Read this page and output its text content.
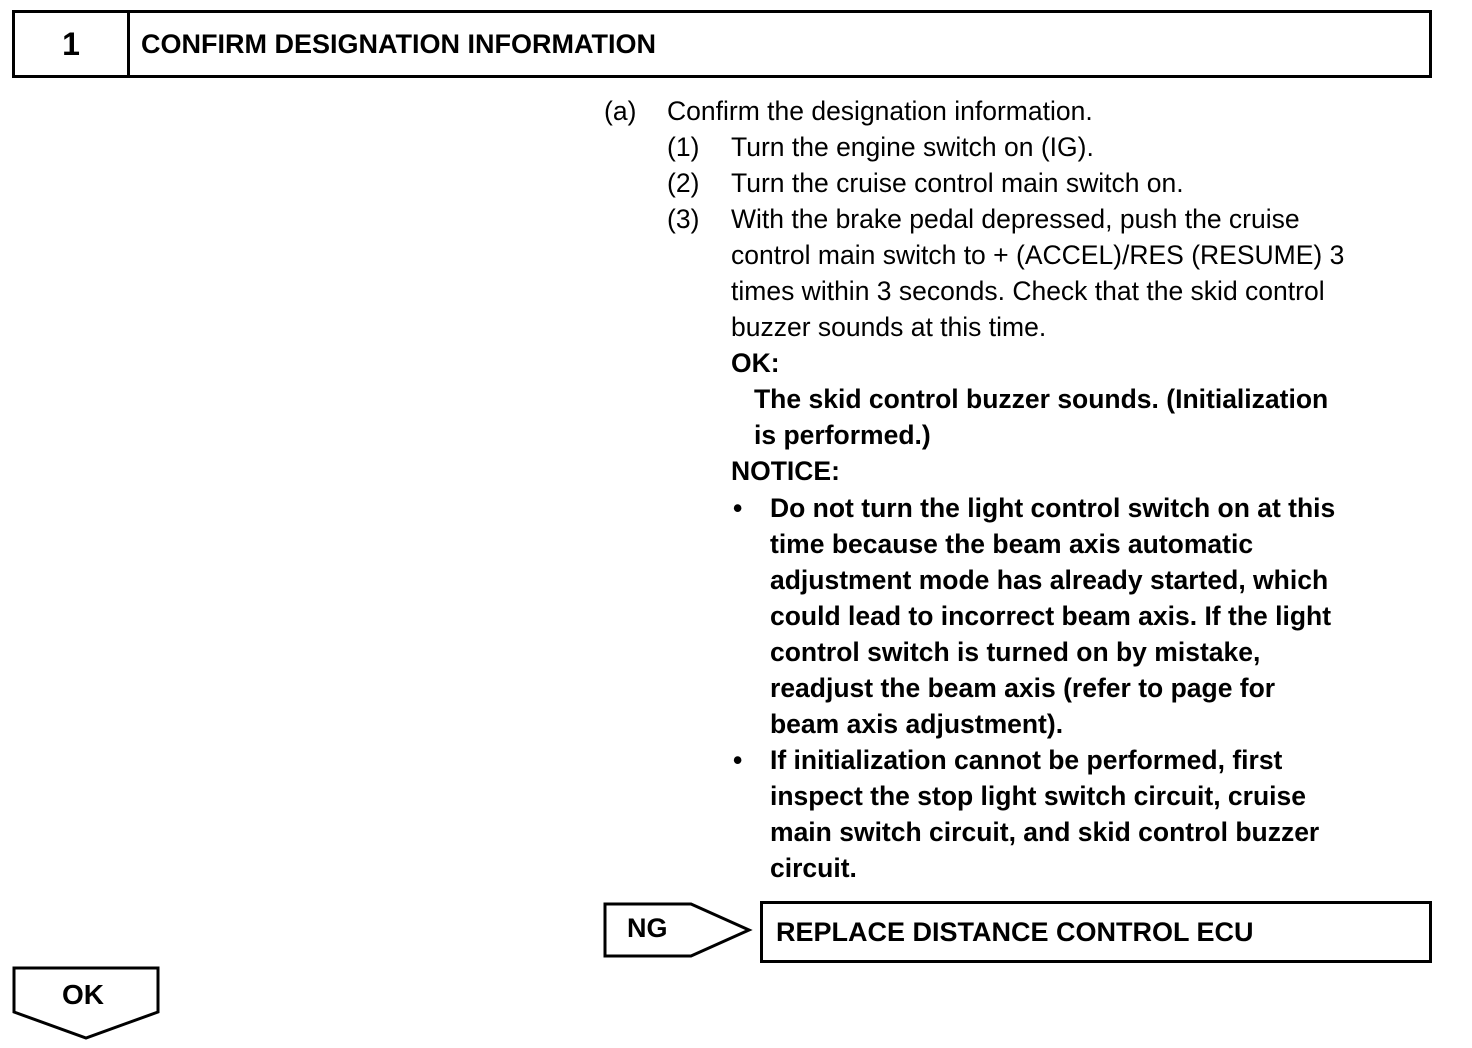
1	CONFIRM DESIGNATION INFORMATION
(a) Confirm the designation information.
(1) Turn the engine switch on (IG).
(2) Turn the cruise control main switch on.
(3) With the brake pedal depressed, push the cruise
control main switch to + (ACCEL)/RES (RESUME) 3
times within 3 seconds. Check that the skid control
buzzer sounds at this time.
OK:
The skid control buzzer sounds. (Initialization
is performed.)
NOTICE:
• Do not turn the light control switch on at this
time because the beam axis automatic
adjustment mode has already started, which
could lead to incorrect beam axis. If the light
control switch is turned on by mistake,
readjust the beam axis (refer to page for
beam axis adjustment).
• If initialization cannot be performed, first
inspect the stop light switch circuit, cruise
main switch circuit, and skid control buzzer
circuit.
NG	REPLACE DISTANCE CONTROL ECU
OK
